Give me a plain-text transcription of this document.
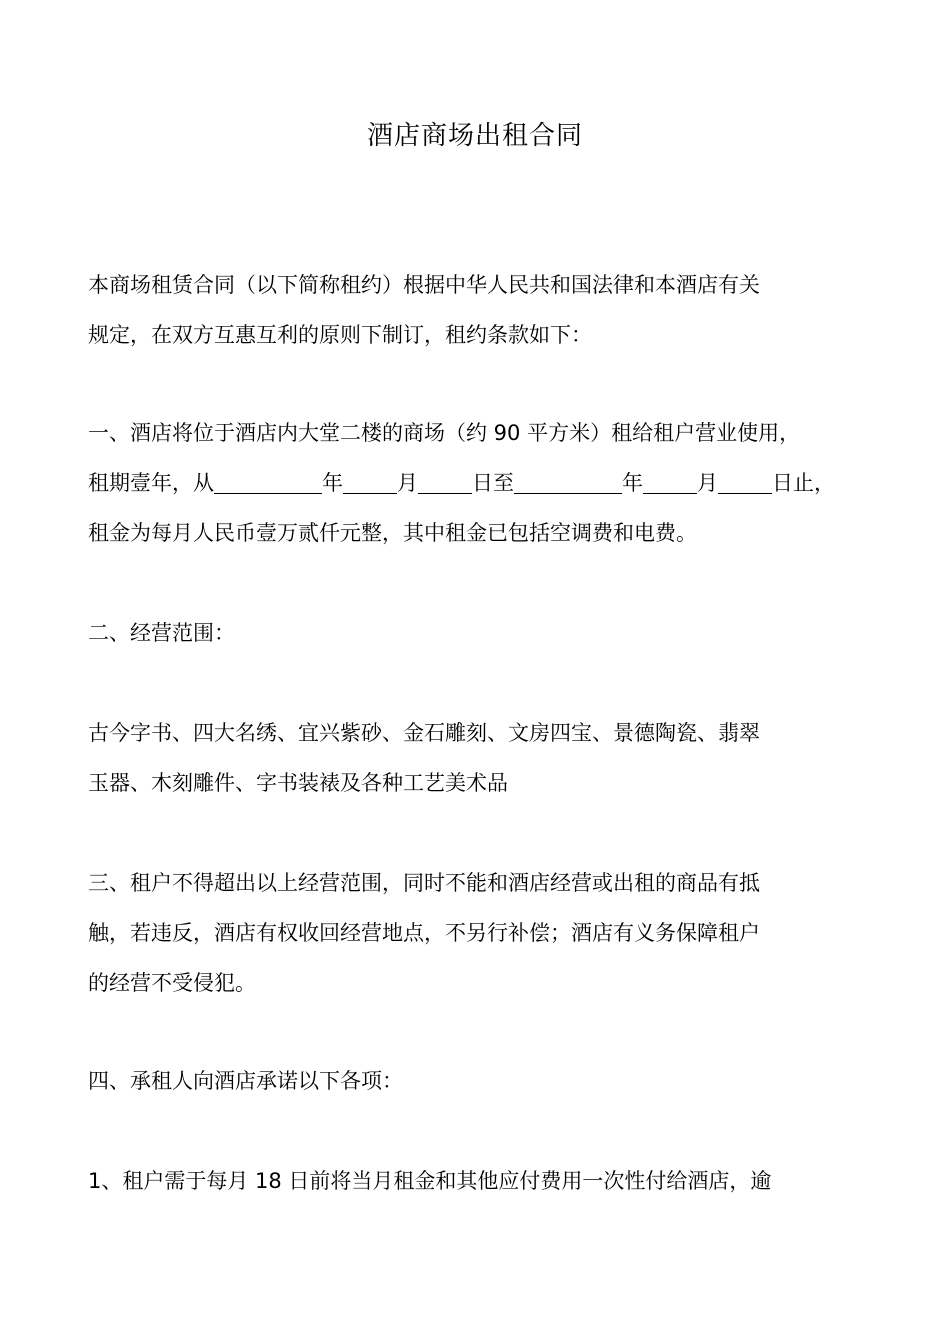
酒店商场出租合同
本商场租赁合同（以下简称租约）根据中华人民共和国法律和本酒店有关
规定，在双方互惠互利的原则下制订，租约条款如下：
一、酒店将位于酒店内大堂二楼的商场（约 90 平方米）租给租户营业使用，
租期壹年，从	年	月	日至	年	月	日止，
租金为每月人民币壹万贰仟元整，其中租金已包括空调费和电费。
二、经营范围：
古今字书、四大名绣、宜兴紫砂、金石雕刻、文房四宝、景德陶瓷、翡翠
玉器、木刻雕件、字书装裱及各种工艺美术品
三、租户不得超出以上经营范围，同时不能和酒店经营或出租的商品有抵
触，若违反，酒店有权收回经营地点，不另行补偿；酒店有义务保障租户
的经营不受侵犯。
四、承租人向酒店承诺以下各项：
1、租户需于每月 18 日前将当月租金和其他应付费用一次性付给酒店，逾
